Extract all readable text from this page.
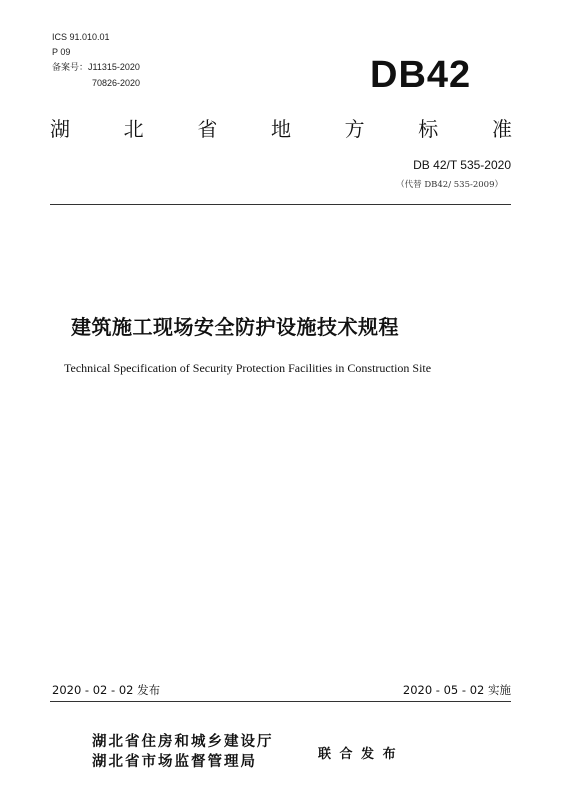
ICS 91.010.01
P 09
备案号：J11315-2020
70826-2020	DB42
湖	北	省	地	方	标	准
DB 42/T 535-2020
（代替 DB42/ 535-2009）
建筑施工现场安全防护设施技术规程
Technical Specification of Security Protection Facilities in Construction Site
2020 - 02 - 02 发布	2020 - 05 - 02 实施
湖北省住房和城乡建设厅
湖北省市场监督管理局	联 合 发 布
